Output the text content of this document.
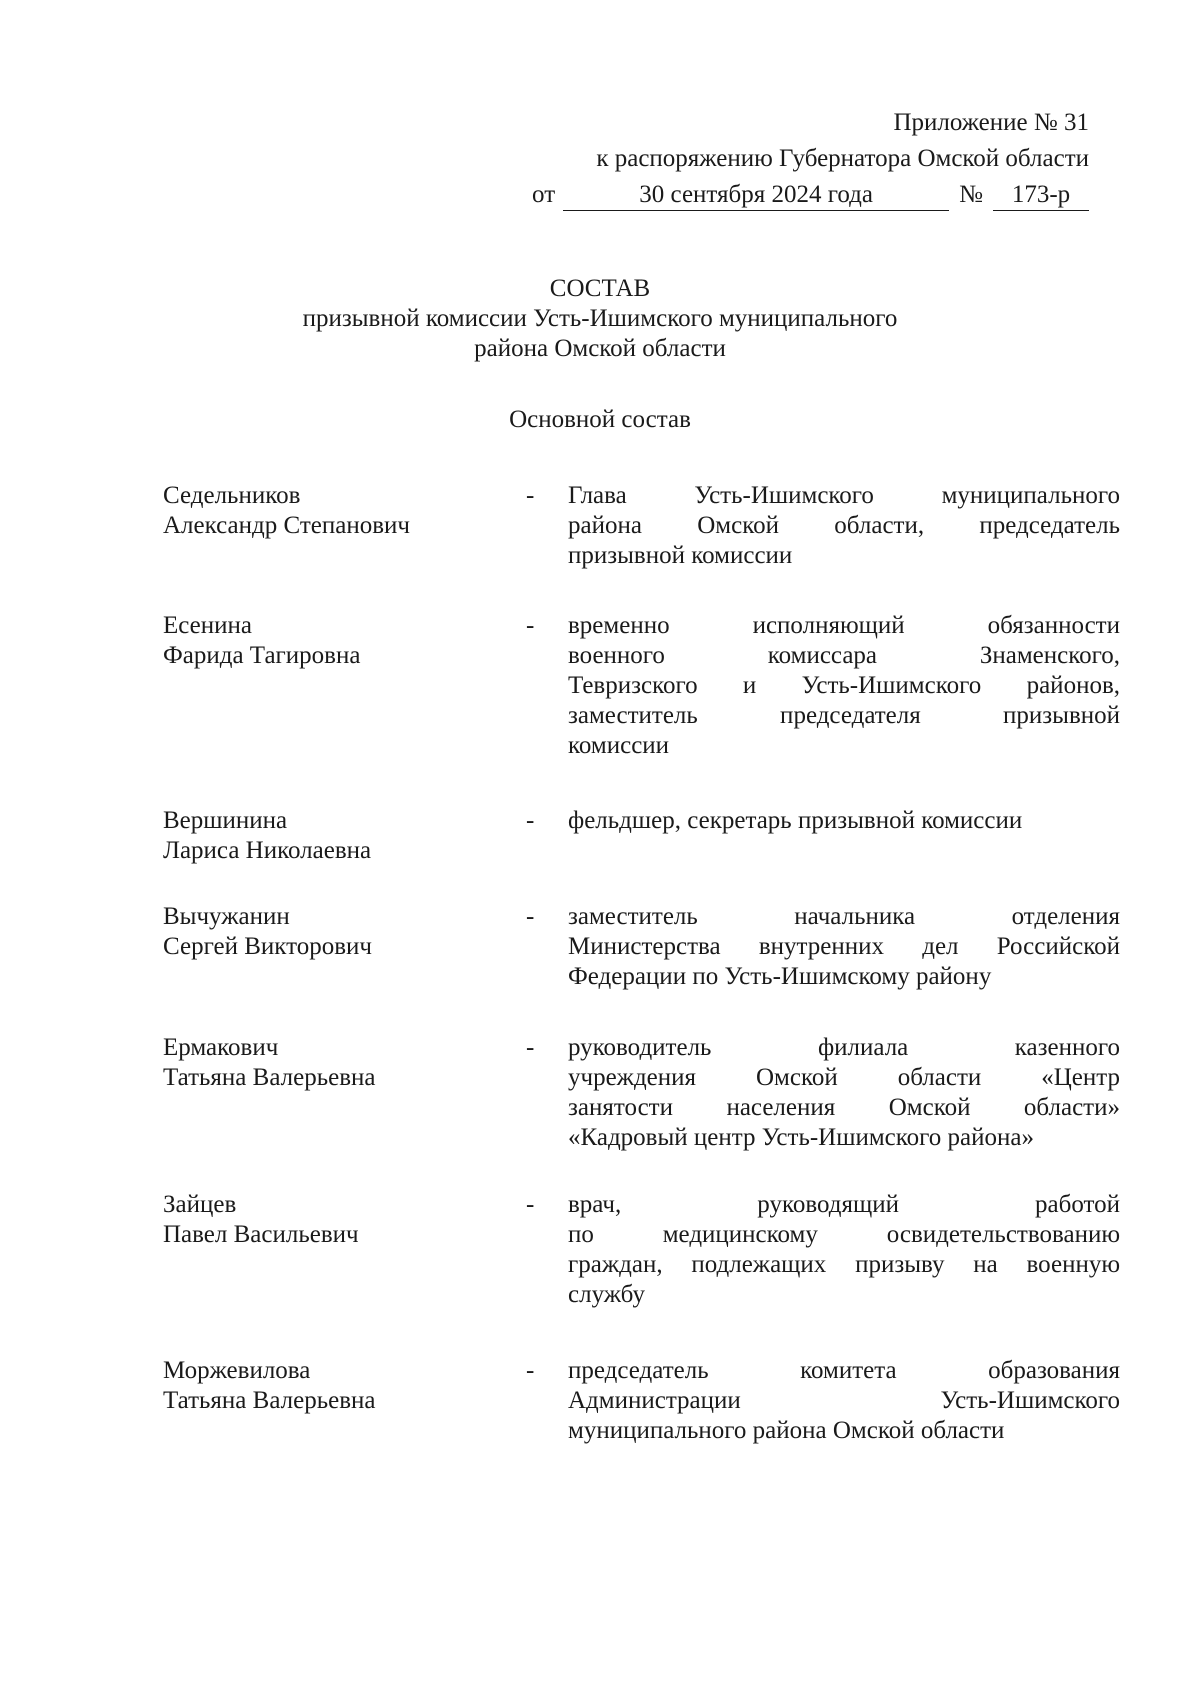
Приложение № 31
к распоряжению Губернатора Омской области
от	30 сентября 2024 года	№ 173-р
СОСТАВ
призывной комиссии Усть-Ишимского муниципального
района Омской области
Основной состав
Седельников
Александр Степанович
- Глава Усть-Ишимского муниципального
района Омской области, председатель
призывной комиссии
Есенина
Фарида Тагировна
- временно исполняющий обязанности
военного комиссара Знаменского,
Тевризского и Усть-Ишимского районов,
заместитель председателя призывной
комиссии
Вершинина
Лариса Николаевна
- фельдшер, секретарь призывной комиссии
Вычужанин
Сергей Викторович
- заместитель начальника отделения
Министерства внутренних дел Российской
Федерации по Усть-Ишимскому району
Ермакович
Татьяна Валерьевна
- руководитель филиала казенного
учреждения Омской области «Центр
занятости населения Омской области»
«Кадровый центр Усть-Ишимского района»
Зайцев
Павел Васильевич
- врач, руководящий работой
по медицинскому освидетельствованию
граждан, подлежащих призыву на военную
службу
Моржевилова
Татьяна Валерьевна
- председатель комитета образования
Администрации Усть-Ишимского
муниципального района Омской области
